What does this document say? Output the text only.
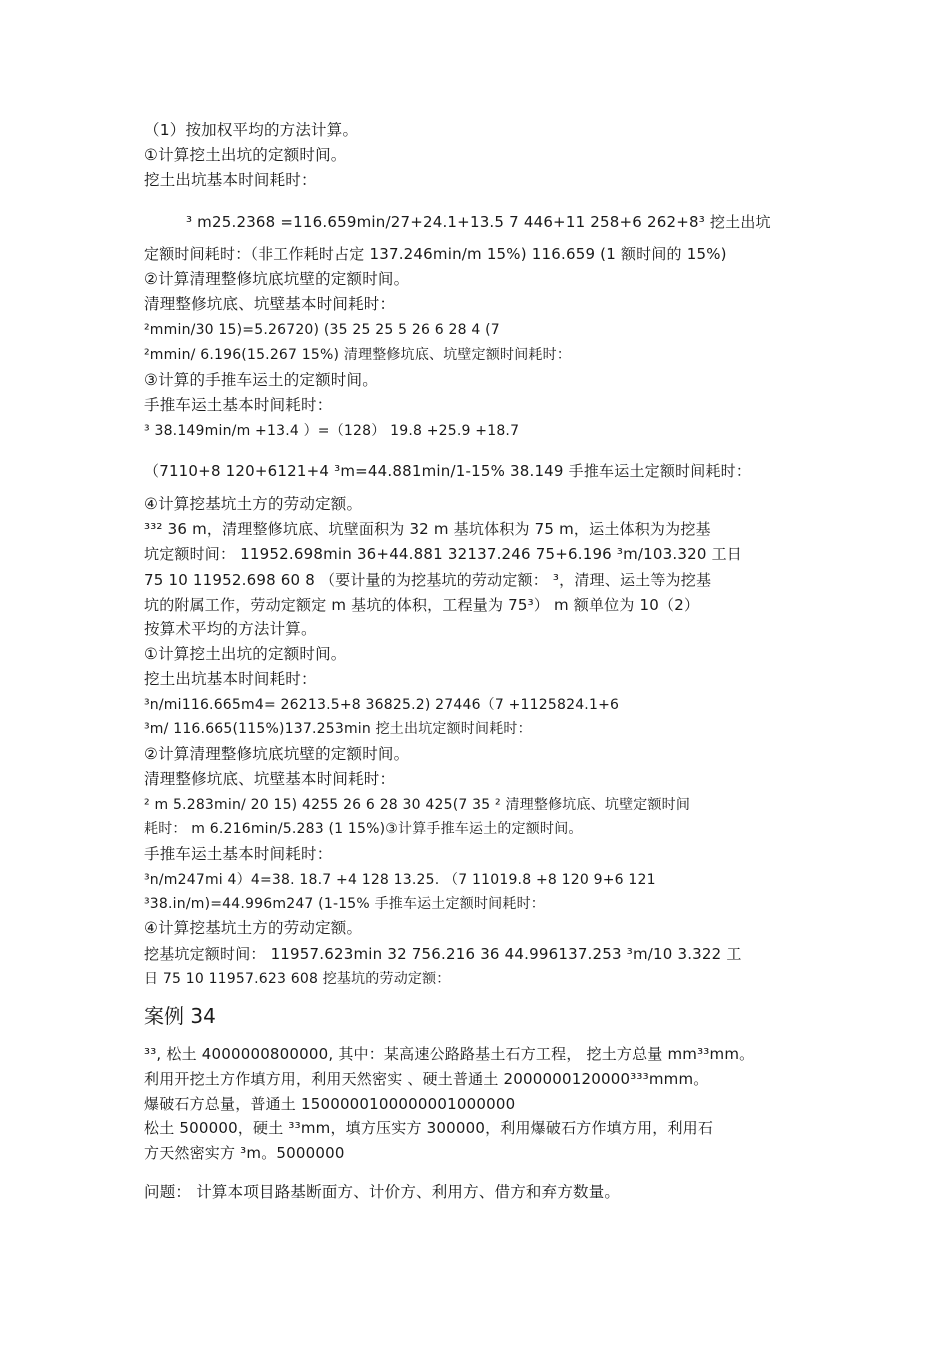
（1）按加权平均的方法计算。
①计算挖土出坑的定额时间。
挖土出坑基本时间耗时：
³ m25.2368 =116.659min/27+24.1+13.5 7 446+11 258+6 262+8³ 挖土出坑
定额时间耗时：（非工作耗时占定 137.246min/m 15%) 116.659 (1 额时间的 15%)
②计算清理整修坑底坑壁的定额时间。
清理整修坑底、坑壁基本时间耗时：
²mmin/30 15)=5.26720) (35 25 25 5 26 6 28 4 (7
²mmin/ 6.196(15.267 15%) 清理整修坑底、坑壁定额时间耗时：
③计算的手推车运土的定额时间。
手推车运土基本时间耗时：
³ 38.149min/m +13.4 ）=（128） 19.8 +25.9 +18.7
（7110+8 120+6121+4 ³m=44.881min/1-15% 38.149 手推车运土定额时间耗时：
④计算挖基坑土方的劳动定额。
³³² 36 m，清理整修坑底、坑壁面积为 32 m 基坑体积为 75 m，运土体积为为挖基
坑定额时间： 11952.698min 36+44.881 32137.246 75+6.196 ³m/103.320 工日
75 10 11952.698 60 8 （要计量的为挖基坑的劳动定额： ³，清理、运土等为挖基
坑的附属工作，劳动定额定 m 基坑的体积，工程量为 75³） m 额单位为 10（2）
按算术平均的方法计算。
①计算挖土出坑的定额时间。
挖土出坑基本时间耗时：
³n/mi116.665m4= 26213.5+8 36825.2) 27446（7 +1125824.1+6
³m/ 116.665(115%)137.253min 挖土出坑定额时间耗时：
②计算清理整修坑底坑壁的定额时间。
清理整修坑底、坑壁基本时间耗时：
² m 5.283min/ 20 15) 4255 26 6 28 30 425(7 35 ² 清理整修坑底、坑壁定额时间
耗时： m 6.216min/5.283 (1 15%)③计算手推车运土的定额时间。
手推车运土基本时间耗时：
³n/m247mi 4）4=38. 18.7 +4 128 13.25. （7 11019.8 +8 120 9+6 121
³38.in/m)=44.996m247 (1-15% 手推车运土定额时间耗时：
④计算挖基坑土方的劳动定额。
挖基坑定额时间： 11957.623min 32 756.216 36 44.996137.253 ³m/10 3.322 工
日 75 10 11957.623 608 挖基坑的劳动定额：
案例 34
³³, 松土 4000000800000, 其中：某高速公路路基土石方工程， 挖土方总量 mm³³mm。
利用开挖土方作填方用，利用天然密实 、硬土普通土 2000000120000³³³mmm。
爆破石方总量，普通土 1500000100000001000000
松土 500000，硬土 ³³mm，填方压实方 300000，利用爆破石方作填方用，利用石
方天然密实方 ³m。5000000
问题： 计算本项目路基断面方、计价方、利用方、借方和弃方数量。
